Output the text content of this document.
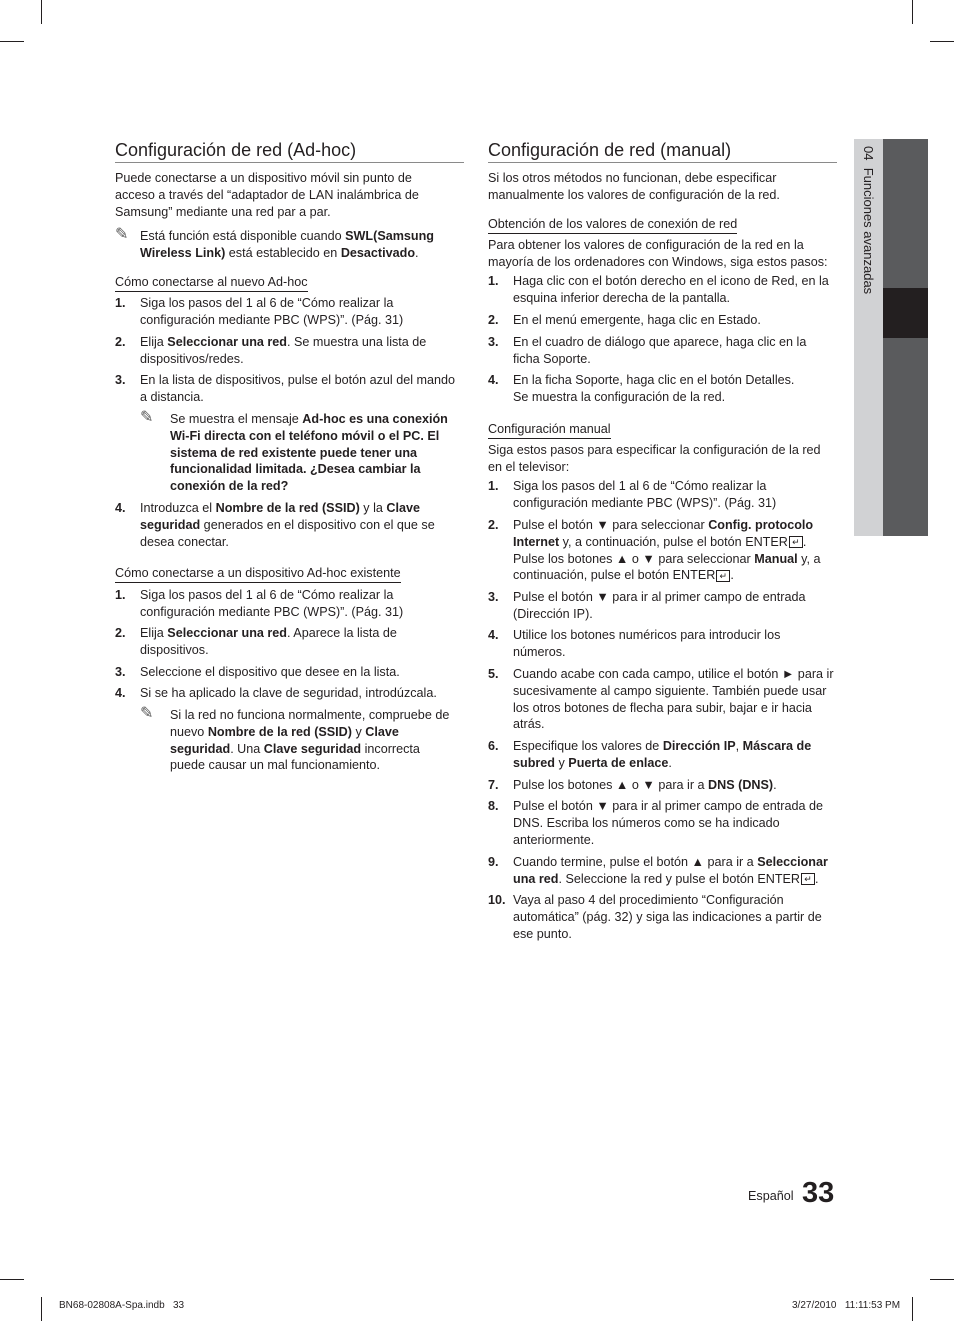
04  Funciones avanzadas
Configuración de red (Ad-hoc)

Puede conectarse a un dispositivo móvil sin punto de acceso a través del “adaptador de LAN inalámbrica de Samsung” mediante una red par a par.

✎ Está función está disponible cuando SWL(Samsung Wireless Link) está establecido en Desactivado.

Cómo conectarse al nuevo Ad-hoc
1. Siga los pasos del 1 al 6 de “Cómo realizar la configuración mediante PBC (WPS)”. (Pág. 31)

2. Elija Seleccionar una red. Se muestra una lista de dispositivos/redes.

3. En la lista de dispositivos, pulse el botón azul del mando a distancia.

✎ Se muestra el mensaje Ad-hoc es una conexión Wi-Fi directa con el teléfono móvil o el PC. El sistema de red existente puede tener una funcionalidad limitada. ¿Desea cambiar la conexión de la red?

4. Introduzca el Nombre de la red (SSID) y la Clave seguridad generados en el dispositivo con el que se desea conectar.

Cómo conectarse a un dispositivo Ad-hoc existente
1. Siga los pasos del 1 al 6 de “Cómo realizar la configuración mediante PBC (WPS)”. (Pág. 31)

2. Elija Seleccionar una red. Aparece la lista de dispositivos.

3. Seleccione el dispositivo que desee en la lista.

4. Si se ha aplicado la clave de seguridad, introdúzcala.

✎ Si la red no funciona normalmente, compruebe de nuevo Nombre de la red (SSID) y Clave seguridad. Una Clave seguridad incorrecta puede causar un mal funcionamiento.

Configuración de red (manual)

Si los otros métodos no funcionan, debe especificar manualmente los valores de configuración de la red.

Obtención de los valores de conexión de red

Para obtener los valores de configuración de la red en la mayoría de los ordenadores con Windows, siga estos pasos:

1. Haga clic con el botón derecho en el icono de Red, en la esquina inferior derecha de la pantalla.

2. En el menú emergente, haga clic en Estado.

3. En el cuadro de diálogo que aparece, haga clic en la ficha Soporte.

4. En la ficha Soporte, haga clic en el botón Detalles. Se muestra la configuración de la red.

Configuración manual

Siga estos pasos para especificar la configuración de la red en el televisor:

1. Siga los pasos del 1 al 6 de “Cómo realizar la configuración mediante PBC (WPS)”. (Pág. 31)

2. Pulse el botón ▼ para seleccionar Config. protocolo Internet y, a continuación, pulse el botón ENTER ↵ . Pulse los botones ▲ o ▼ para seleccionar Manual y, a continuación, pulse el botón ENTER ↵ .

3. Pulse el botón ▼ para ir al primer campo de entrada (Dirección IP).

4. Utilice los botones numéricos para introducir los números.

5. Cuando acabe con cada campo, utilice el botón ► para ir sucesivamente al campo siguiente. También puede usar los otros botones de flecha para subir, bajar e ir hacia atrás.

6. Especifique los valores de Dirección IP, Máscara de subred y Puerta de enlace.

7. Pulse los botones ▲ o ▼ para ir a DNS (DNS).

8. Pulse el botón ▼ para ir al primer campo de entrada de DNS. Escriba los números como se ha indicado anteriormente.

9. Cuando termine, pulse el botón ▲ para ir a Seleccionar una red. Seleccione la red y pulse el botón ENTER ↵ .

10. Vaya al paso 4 del procedimiento “Configuración automática” (pág. 32) y siga las indicaciones a partir de ese punto.

Español 33
BN68-02808A-Spa.indb   33	3/27/2010   11:11:53 PM
